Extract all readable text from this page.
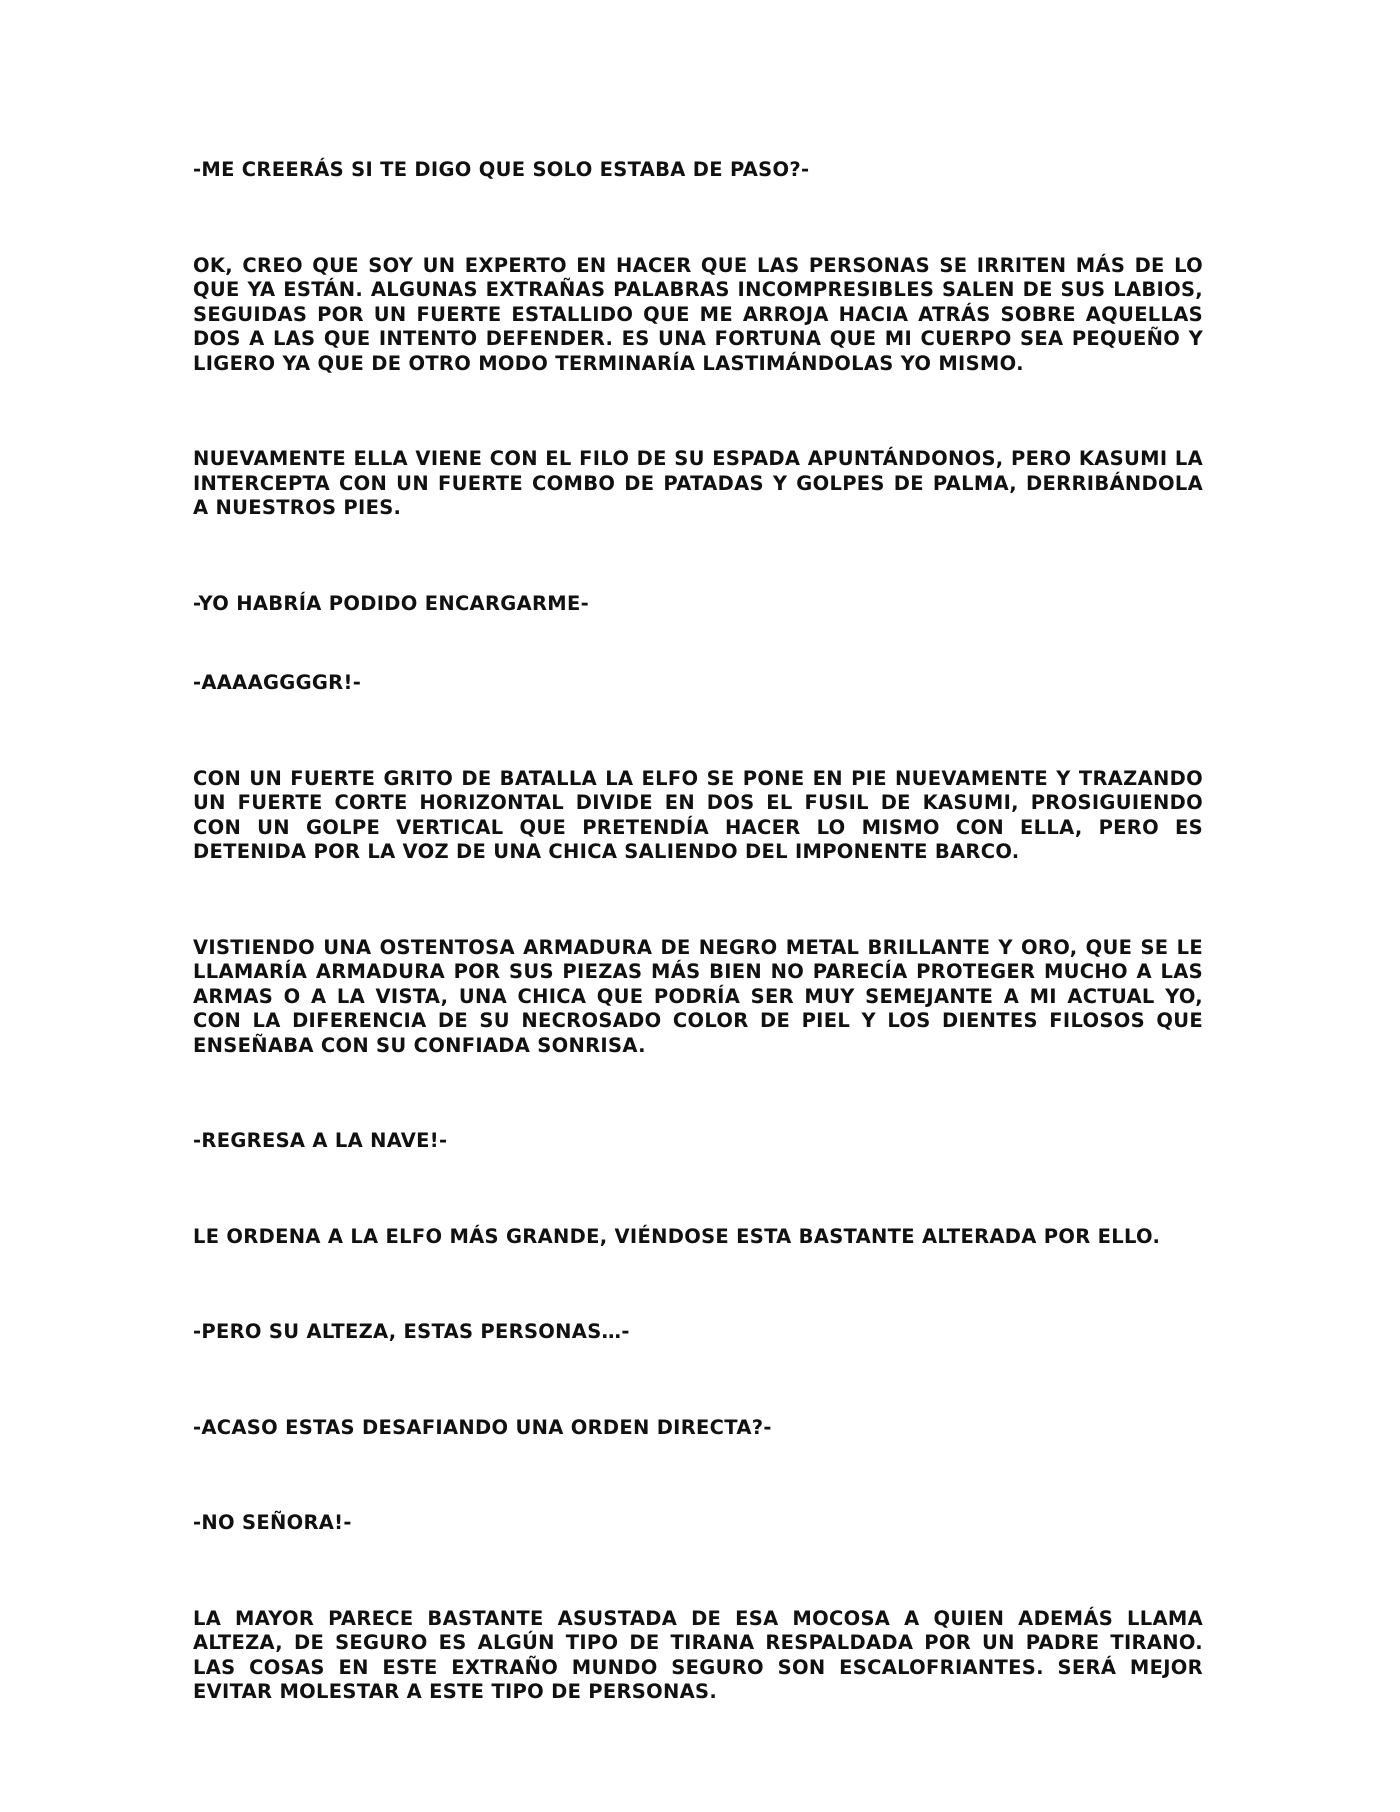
-ME CREERÁS SI TE DIGO QUE SOLO ESTABA DE PASO?-

OK, CREO QUE SOY UN EXPERTO EN HACER QUE LAS PERSONAS SE IRRITEN MÁS DE LO QUE YA ESTÁN. ALGUNAS EXTRAÑAS PALABRAS INCOMPRESIBLES SALEN DE SUS LABIOS, SEGUIDAS POR UN FUERTE ESTALLIDO QUE ME ARROJA HACIA ATRÁS SOBRE AQUELLAS DOS A LAS QUE INTENTO DEFENDER. ES UNA FORTUNA QUE MI CUERPO SEA PEQUEÑO Y LIGERO YA QUE DE OTRO MODO TERMINARÍA LASTIMÁNDOLAS YO MISMO.

NUEVAMENTE ELLA VIENE CON EL FILO DE SU ESPADA APUNTÁNDONOS, PERO KASUMI LA INTERCEPTA CON UN FUERTE COMBO DE PATADAS Y GOLPES DE PALMA, DERRIBÁNDOLA A NUESTROS PIES.

-YO HABRÍA PODIDO ENCARGARME-

-AAAAGGGGR!-

CON UN FUERTE GRITO DE BATALLA LA ELFO SE PONE EN PIE NUEVAMENTE Y TRAZANDO UN FUERTE CORTE HORIZONTAL DIVIDE EN DOS EL FUSIL DE KASUMI, PROSIGUIENDO CON UN GOLPE VERTICAL QUE PRETENDÍA HACER LO MISMO CON ELLA, PERO ES DETENIDA POR LA VOZ DE UNA CHICA SALIENDO DEL IMPONENTE BARCO.

VISTIENDO UNA OSTENTOSA ARMADURA DE NEGRO METAL BRILLANTE Y ORO, QUE SE LE LLAMARÍA ARMADURA POR SUS PIEZAS MÁS BIEN NO PARECÍA PROTEGER MUCHO A LAS ARMAS O A LA VISTA, UNA CHICA QUE PODRÍA SER MUY SEMEJANTE A MI ACTUAL YO, CON LA DIFERENCIA DE SU NECROSADO COLOR DE PIEL Y LOS DIENTES FILOSOS QUE ENSEÑABA CON SU CONFIADA SONRISA.

-REGRESA A LA NAVE!-

LE ORDENA A LA ELFO MÁS GRANDE, VIÉNDOSE ESTA BASTANTE ALTERADA POR ELLO.

-PERO SU ALTEZA, ESTAS PERSONAS…-

-ACASO ESTAS DESAFIANDO UNA ORDEN DIRECTA?-

-NO SEÑORA!-

LA MAYOR PARECE BASTANTE ASUSTADA DE ESA MOCOSA A QUIEN ADEMÁS LLAMA ALTEZA, DE SEGURO ES ALGÚN TIPO DE TIRANA RESPALDADA POR UN PADRE TIRANO. LAS COSAS EN ESTE EXTRAÑO MUNDO SEGURO SON ESCALOFRIANTES. SERÁ MEJOR EVITAR MOLESTAR A ESTE TIPO DE PERSONAS.
